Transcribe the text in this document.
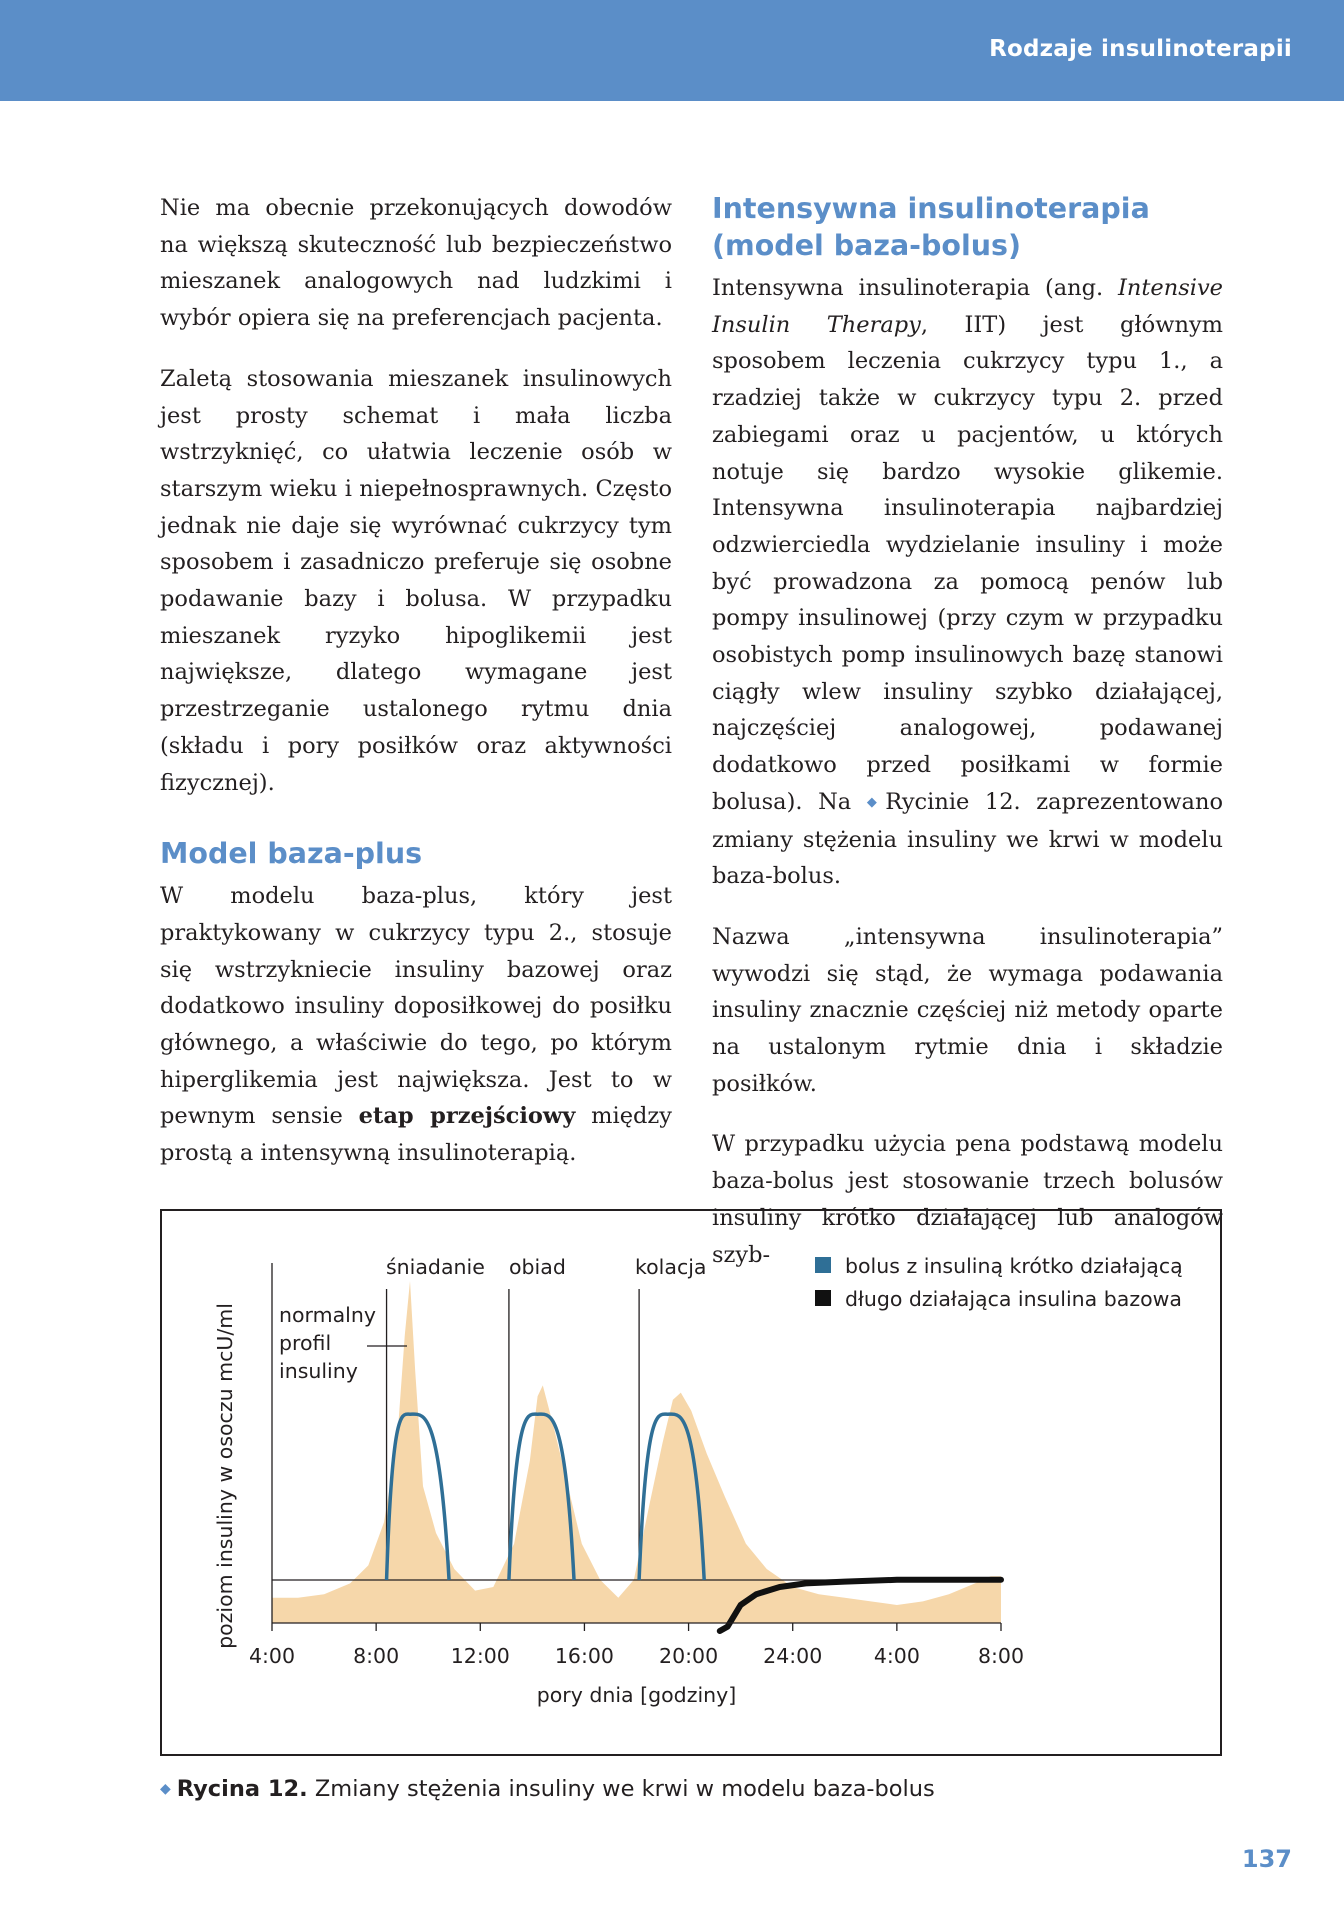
Rodzaje insulinoterapii

Nie ma obecnie przekonujących dowodów na większą skuteczność lub bezpieczeństwo mieszanek analogowych nad ludzkimi i wybór opiera się na preferencjach pacjenta.

Zaletą stosowania mieszanek insulinowych jest prosty schemat i mała liczba wstrzyknięć, co ułatwia leczenie osób w starszym wieku i niepełnosprawnych. Często jednak nie daje się wyrównać cukrzycy tym sposobem i zasadniczo preferuje się osobne podawanie bazy i bolusa. W przypadku mieszanek ryzyko hipoglikemii jest największe, dlatego wymagane jest przestrzeganie ustalonego rytmu dnia (składu i pory posiłków oraz aktywności fizycznej).

Model baza-plus

W modelu baza-plus, który jest praktykowany w cukrzycy typu 2., stosuje się wstrzykniecie insuliny bazowej oraz dodatkowo insuliny doposiłkowej do posiłku głównego, a właściwie do tego, po którym hiperglikemia jest największa. Jest to w pewnym sensie etap przejściowy między prostą a intensywną insulinoterapią.

Intensywna insulinoterapia (model baza-bolus)

Intensywna insulinoterapia (ang. Intensive Insulin Therapy, IIT) jest głównym sposobem leczenia cukrzycy typu 1., a rzadziej także w cukrzycy typu 2. przed zabiegami oraz u pacjentów, u których notuje się bardzo wysokie glikemie. Intensywna insulinoterapia najbardziej odzwierciedla wydzielanie insuliny i może być prowadzona za pomocą penów lub pompy insulinowej (przy czym w przypadku osobistych pomp insulinowych bazę stanowi ciągły wlew insuliny szybko działającej, najczęściej analogowej, podawanej dodatkowo przed posiłkami w formie bolusa). Na ◆Rycinie 12. zaprezentowano zmiany stężenia insuliny we krwi w modelu baza-bolus.

Nazwa „intensywna insulinoterapia” wywodzi się stąd, że wymaga podawania insuliny znacznie częściej niż metody oparte na ustalonym rytmie dnia i składzie posiłków.

W przypadku użycia pena podstawą modelu baza-bolus jest stosowanie trzech bolusów insuliny krótko działającej lub analogów szyb-

śniadanie obiad	kolacja
4:00	8:00	12:00 16:00 20:00 24:00	4:00	8:00
pory dnia [godziny]
poziom insuliny w osoczu mcU/ml normalny
profil
insuliny
bolus z insuliną krótko działającą
długo działająca insulina bazowa
◆ Rycina 12. Zmiany stężenia insuliny we krwi w modelu baza-bolus
137
